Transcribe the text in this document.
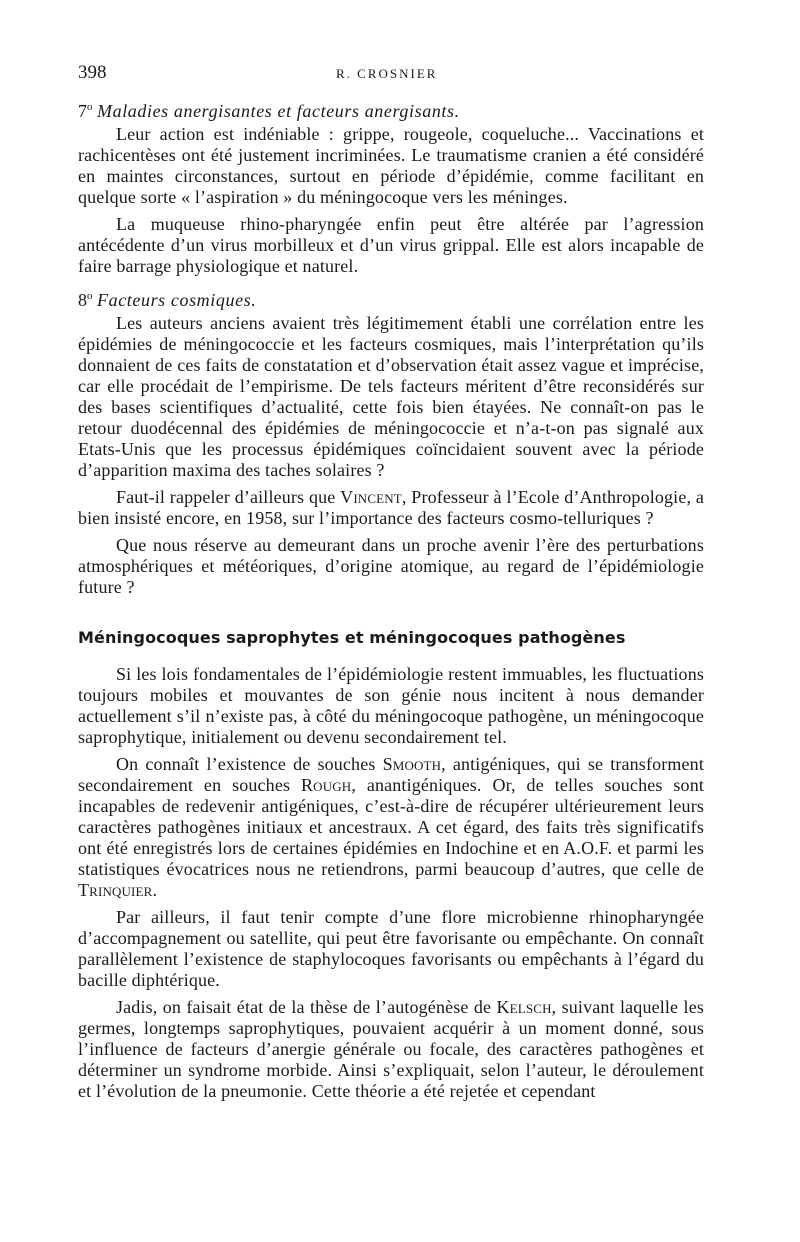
398	R. CROSNIER
7$^o$ Maladies anergisantes et facteurs anergisants.

Leur action est indéniable : grippe, rougeole, coqueluche... Vaccinations et rachicentèses ont été justement incriminées. Le traumatisme cranien a été considéré en maintes circonstances, surtout en période d’épidémie, comme facilitant en quelque sorte « l’aspiration » du méningocoque vers les méninges.

La muqueuse rhino-pharyngée enfin peut être altérée par l’agression antécédente d’un virus morbilleux et d’un virus grippal. Elle est alors incapable de faire barrage physiologique et naturel.

8$^o$ Facteurs cosmiques.

Les auteurs anciens avaient très légitimement établi une corrélation entre les épidémies de méningococcie et les facteurs cosmiques, mais l’interprétation qu’ils donnaient de ces faits de constatation et d’observation était assez vague et imprécise, car elle procédait de l’empirisme. De tels facteurs méritent d’être reconsidérés sur des bases scientifiques d’actualité, cette fois bien étayées. Ne connaît-on pas le retour duodécennal des épidémies de méningococcie et n’a-t-on pas signalé aux Etats-Unis que les processus épidémiques coïncidaient souvent avec la période d’apparition maxima des taches solaires ?

Faut-il rappeler d’ailleurs que Vincent, Professeur à l’Ecole d’Anthropologie, a bien insisté encore, en 1958, sur l’importance des facteurs cosmo-telluriques ?

Que nous réserve au demeurant dans un proche avenir l’ère des perturbations atmosphériques et météoriques, d’origine atomique, au regard de l’épidémiologie future ?

Méningocoques saprophytes et méningocoques pathogènes

Si les lois fondamentales de l’épidémiologie restent immuables, les fluctuations toujours mobiles et mouvantes de son génie nous incitent à nous demander actuellement s’il n’existe pas, à côté du méningocoque pathogène, un méningocoque saprophytique, initialement ou devenu secondairement tel.

On connaît l’existence de souches Smooth, antigéniques, qui se transforment secondairement en souches Rough, anantigéniques. Or, de telles souches sont incapables de redevenir antigéniques, c’est-à-dire de récupérer ultérieurement leurs caractères pathogènes initiaux et ancestraux. A cet égard, des faits très significatifs ont été enregistrés lors de certaines épidémies en Indochine et en A.O.F. et parmi les statistiques évocatrices nous ne retiendrons, parmi beaucoup d’autres, que celle de Trinquier.

Par ailleurs, il faut tenir compte d’une flore microbienne rhinopharyngée d’accompagnement ou satellite, qui peut être favorisante ou empêchante. On connaît parallèlement l’existence de staphylocoques favorisants ou empêchants à l’égard du bacille diphtérique.

Jadis, on faisait état de la thèse de l’autogénèse de Kelsch, suivant laquelle les germes, longtemps saprophytiques, pouvaient acquérir à un moment donné, sous l’influence de facteurs d’anergie générale ou focale, des caractères pathogènes et déterminer un syndrome morbide. Ainsi s’expliquait, selon l’auteur, le déroulement et l’évolution de la pneumonie. Cette théorie a été rejetée et cependant
